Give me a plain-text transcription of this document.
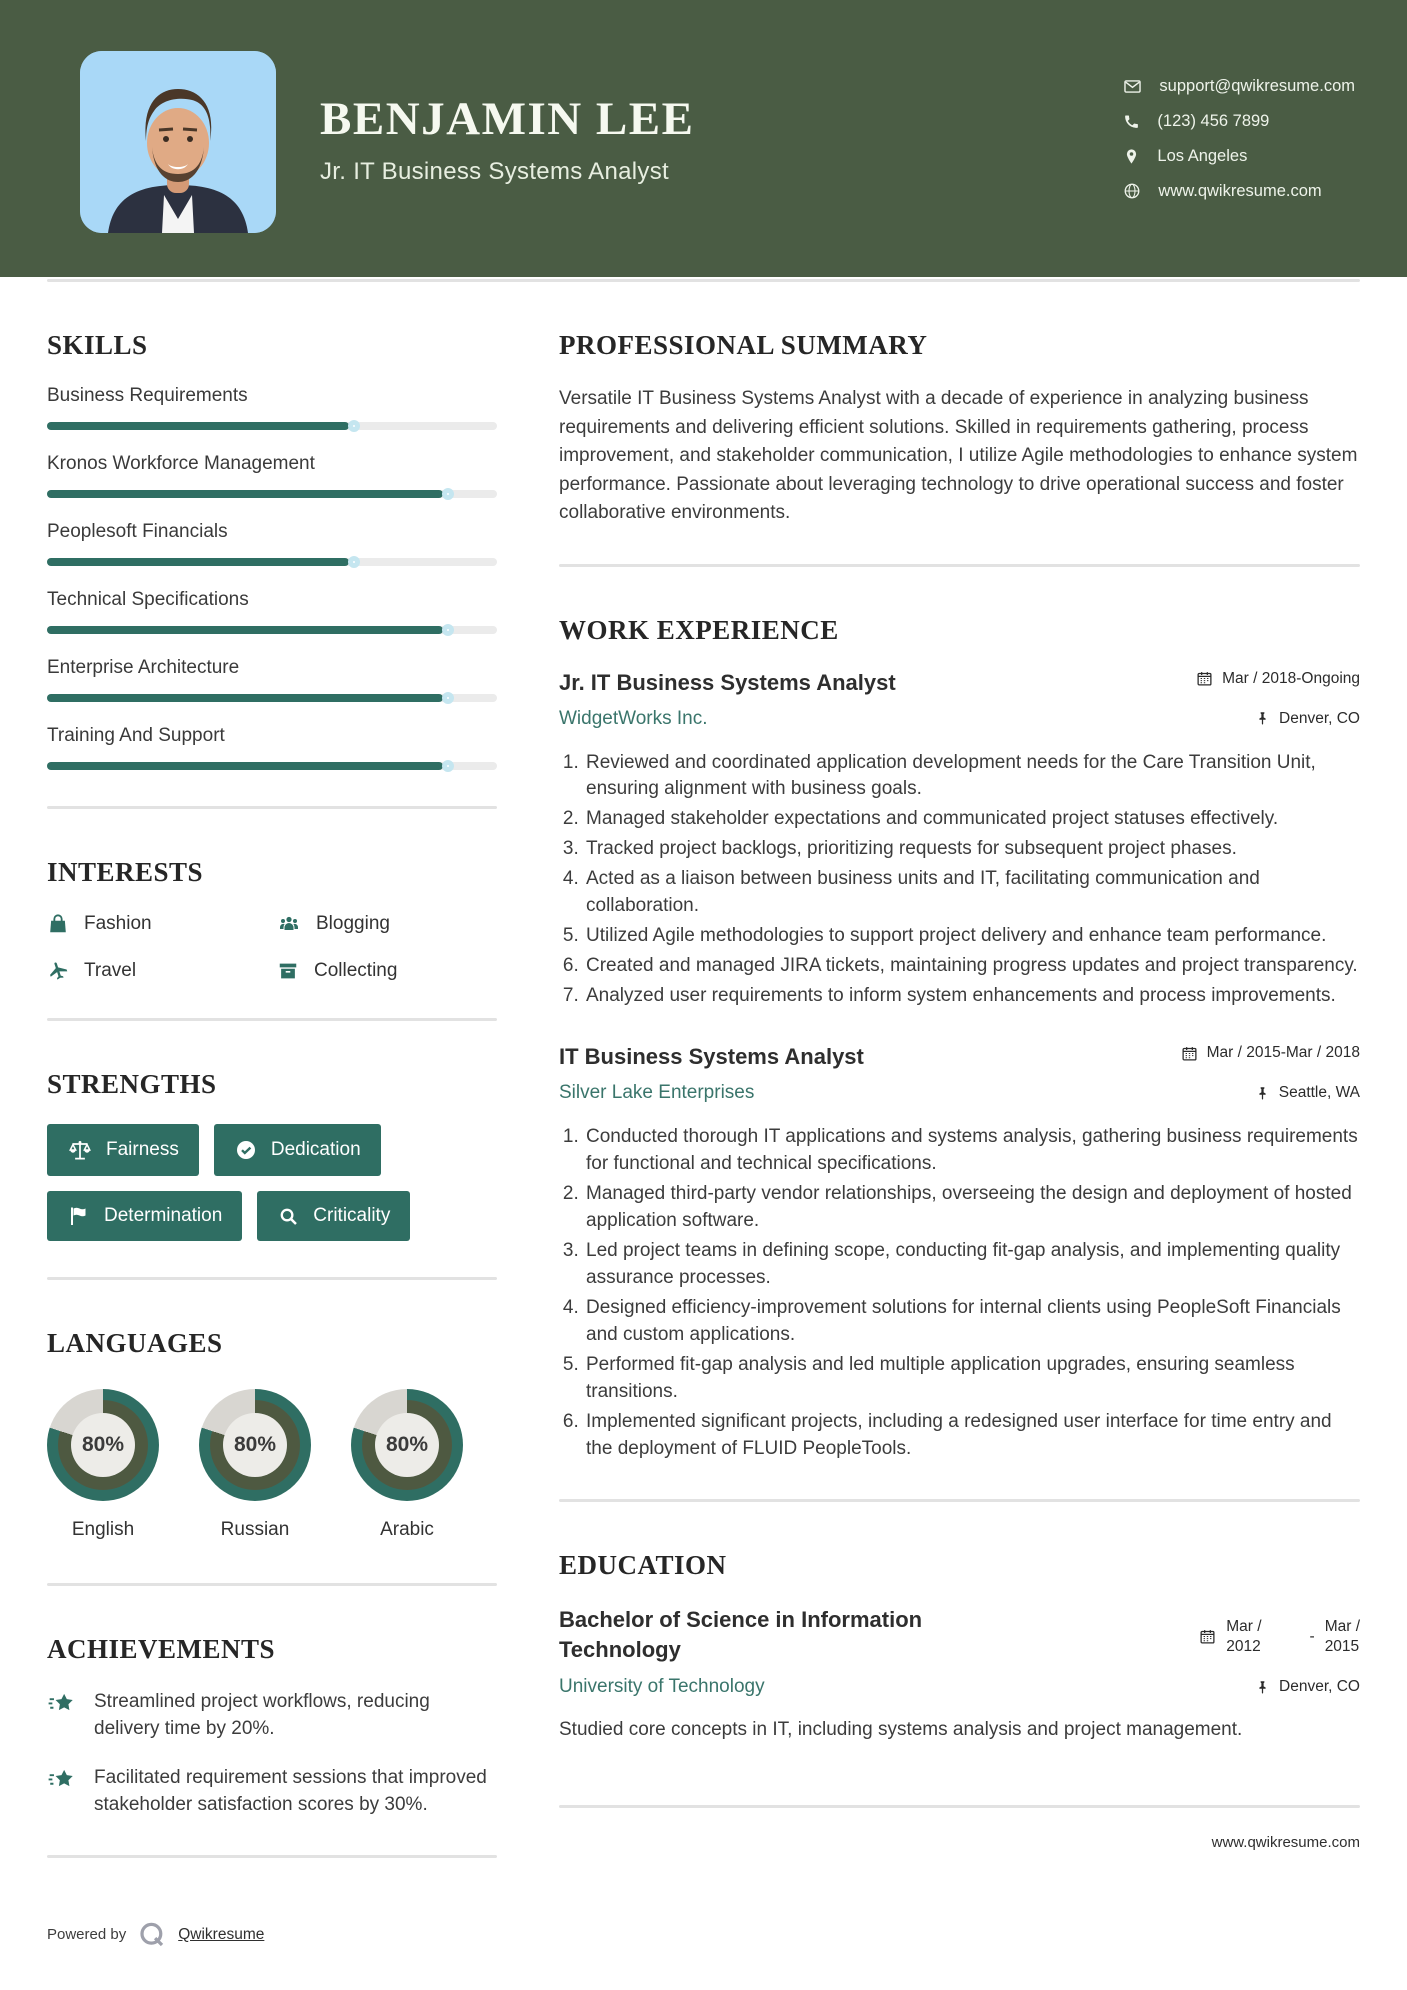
BENJAMIN LEE
Jr. IT Business Systems Analyst
support@qwikresume.com
(123) 456 7899
Los Angeles
www.qwikresume.com
SKILLS
Business Requirements
Kronos Workforce Management
Peoplesoft Financials
Technical Specifications
Enterprise Architecture
Training And Support
INTERESTS
Fashion	Blogging
Travel	Collecting
STRENGTHS
Fairness	Dedication
Determination	Criticality
LANGUAGES
80%
English
80%
Russian
80%
Arabic
ACHIEVEMENTS
Streamlined project workflows, reducing delivery time by 20%.
Facilitated requirement sessions that improved stakeholder satisfaction scores by 30%.
Powered by	Qwikresume
PROFESSIONAL SUMMARY

Versatile IT Business Systems Analyst with a decade of experience in analyzing business requirements and delivering efficient solutions. Skilled in requirements gathering, process improvement, and stakeholder communication, I utilize Agile methodologies to enhance system performance. Passionate about leveraging technology to drive operational success and foster collaborative environments.

WORK EXPERIENCE
Jr. IT Business Systems Analyst	Mar / 2018-Ongoing
WidgetWorks Inc.	Denver, CO
1. Reviewed and coordinated application development needs for the Care Transition Unit, ensuring alignment with business goals.
2. Managed stakeholder expectations and communicated project statuses effectively.
3. Tracked project backlogs, prioritizing requests for subsequent project phases.
4. Acted as a liaison between business units and IT, facilitating communication and collaboration.
5. Utilized Agile methodologies to support project delivery and enhance team performance.
6. Created and managed JIRA tickets, maintaining progress updates and project transparency.
7. Analyzed user requirements to inform system enhancements and process improvements.
IT Business Systems Analyst	Mar / 2015-Mar / 2018
Silver Lake Enterprises	Seattle, WA
1. Conducted thorough IT applications and systems analysis, gathering business requirements for functional and technical specifications.
2. Managed third-party vendor relationships, overseeing the design and deployment of hosted application software.
3. Led project teams in defining scope, conducting fit-gap analysis, and implementing quality assurance processes.
4. Designed efficiency-improvement solutions for internal clients using PeopleSoft Financials and custom applications.
5. Performed fit-gap analysis and led multiple application upgrades, ensuring seamless transitions.
6. Implemented significant projects, including a redesigned user interface for time entry and the deployment of FLUID PeopleTools.
EDUCATION
Bachelor of Science in Information Technology
Mar /
2012
-
Mar /
2015
University of Technology	Denver, CO

Studied core concepts in IT, including systems analysis and project management.

www.qwikresume.com
